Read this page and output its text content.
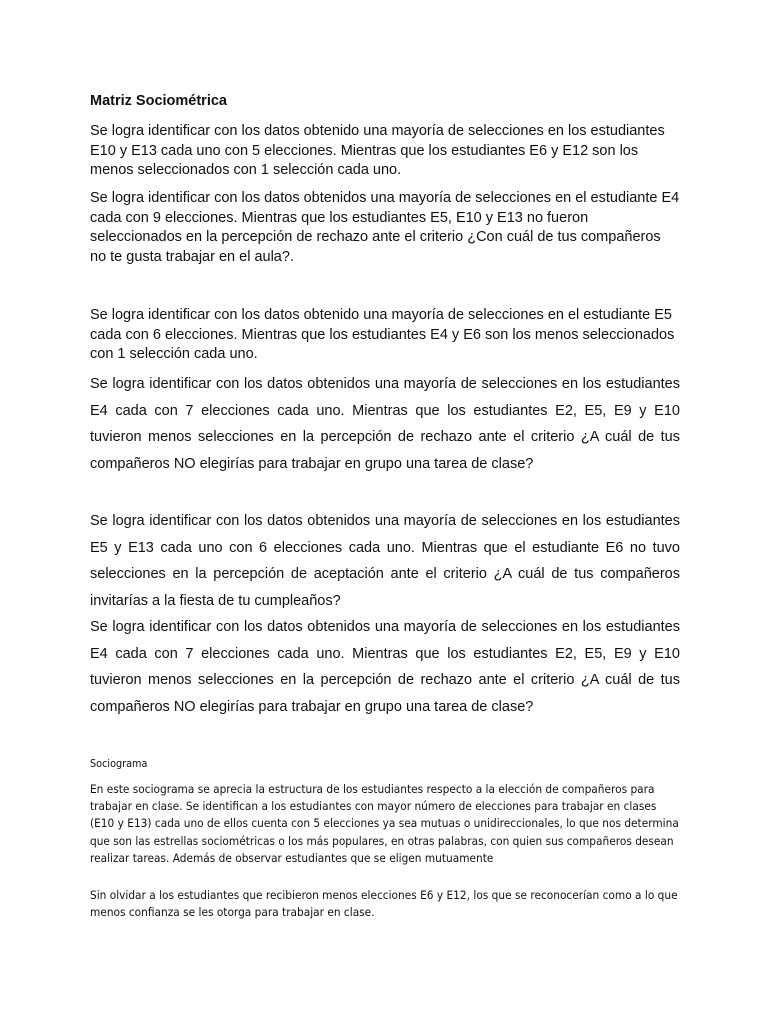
Matriz Sociométrica

Se logra identificar con los datos obtenido una mayoría de selecciones en los estudiantes E10 y E13 cada uno con 5 elecciones. Mientras que los estudiantes E6 y E12 son los menos seleccionados con 1 selección cada uno.

Se logra identificar con los datos obtenidos una mayoría de selecciones en el estudiante E4 cada con 9 elecciones. Mientras que los estudiantes E5, E10 y E13 no fueron seleccionados en la percepción de rechazo ante el criterio ¿Con cuál de tus compañeros no te gusta trabajar en el aula?.

Se logra identificar con los datos obtenido una mayoría de selecciones en el estudiante E5 cada con 6 elecciones. Mientras que los estudiantes E4 y E6 son los menos seleccionados con 1 selección cada uno.

Se logra identificar con los datos obtenidos una mayoría de selecciones en los estudiantes E4 cada con 7 elecciones cada uno. Mientras que los estudiantes E2, E5, E9 y E10 tuvieron menos selecciones en la percepción de rechazo ante el criterio ¿A cuál de tus compañeros NO elegirías para trabajar en grupo una tarea de clase?

Se logra identificar con los datos obtenidos una mayoría de selecciones en los estudiantes E5 y E13 cada uno con 6 elecciones cada uno. Mientras que el estudiante E6 no tuvo selecciones en la percepción de aceptación ante el criterio ¿A cuál de tus compañeros invitarías a la fiesta de tu cumpleaños?

Se logra identificar con los datos obtenidos una mayoría de selecciones en los estudiantes E4 cada con 7 elecciones cada uno. Mientras que los estudiantes E2, E5, E9 y E10 tuvieron menos selecciones en la percepción de rechazo ante el criterio ¿A cuál de tus compañeros NO elegirías para trabajar en grupo una tarea de clase?

Sociograma

En este sociograma se aprecia la estructura de los estudiantes respecto a la elección de compañeros para trabajar en clase. Se identifican a los estudiantes con mayor número de elecciones para trabajar en clases (E10 y E13) cada uno de ellos cuenta con 5 elecciones ya sea mutuas o unidireccionales, lo que nos determina que son las estrellas sociométricas o los más populares, en otras palabras, con quien sus compañeros desean realizar tareas. Además de observar estudiantes que se eligen mutuamente

Sin olvidar a los estudiantes que recibieron menos elecciones E6 y E12, los que se reconocerían como a lo que menos confianza se les otorga para trabajar en clase.
